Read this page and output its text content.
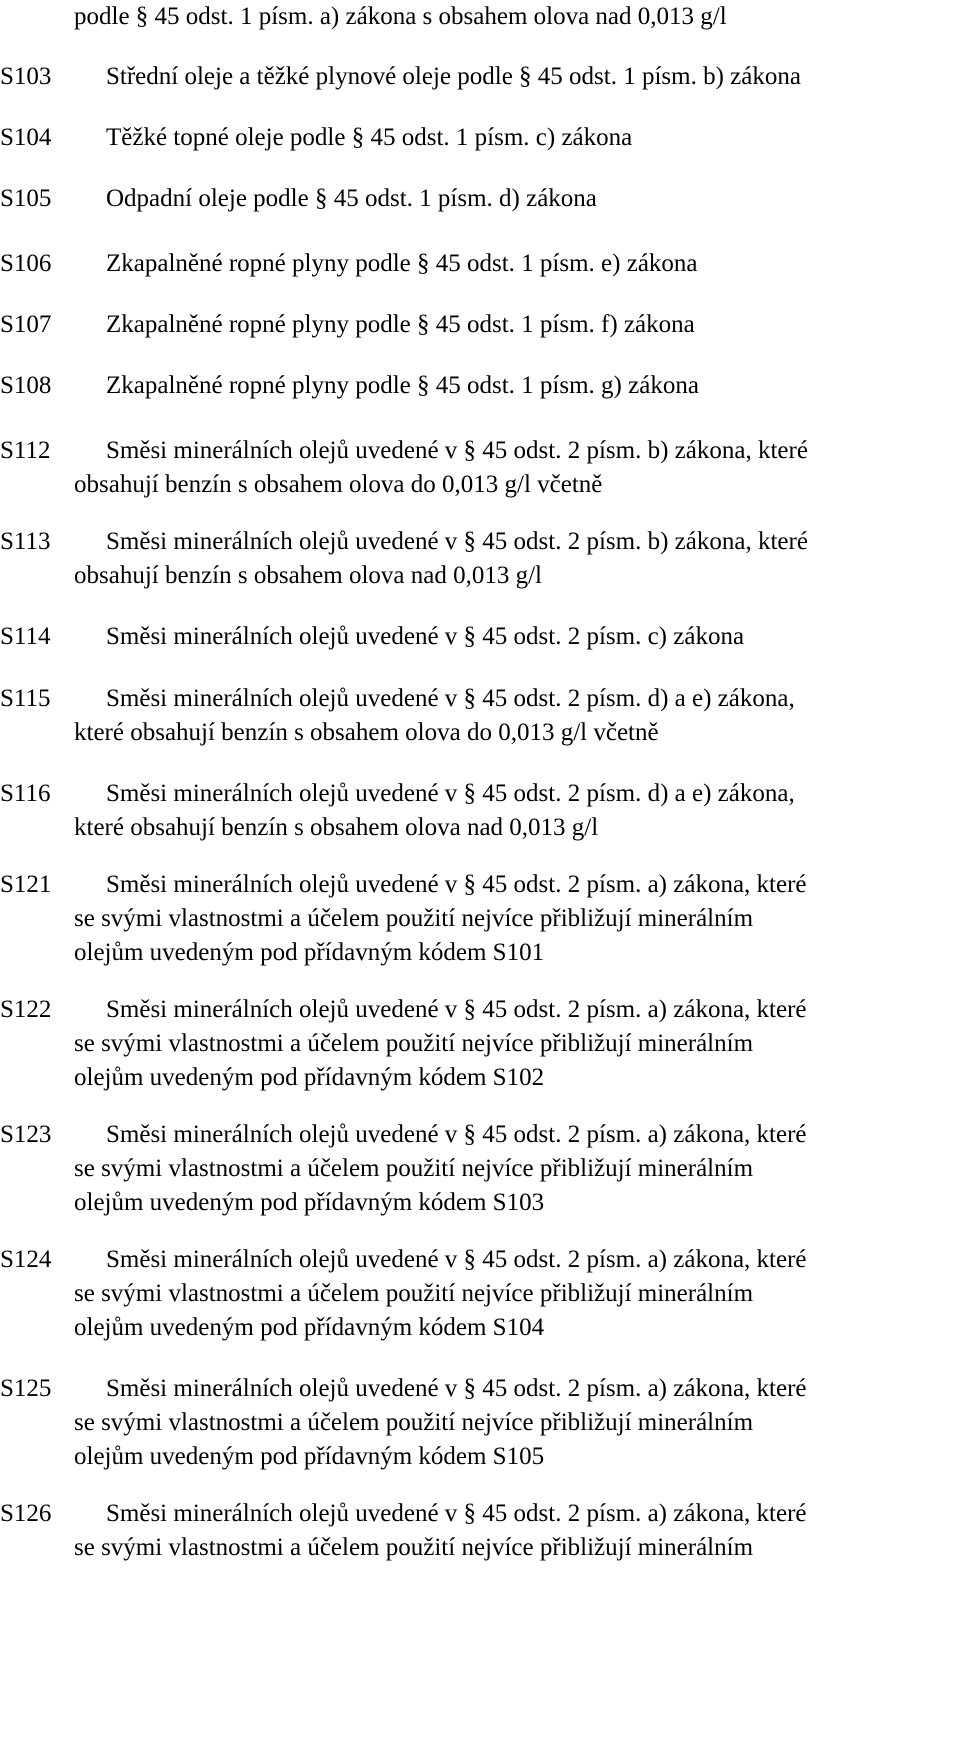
podle § 45 odst. 1 písm. a) zákona s obsahem olova nad 0,013 g/l
S103	Střední oleje a těžké plynové oleje podle § 45 odst. 1 písm. b) zákona
S104	Těžké topné oleje podle § 45 odst. 1 písm. c) zákona
S105	Odpadní oleje podle § 45 odst. 1 písm. d) zákona
S106	Zkapalněné ropné plyny podle § 45 odst. 1 písm. e) zákona
S107	Zkapalněné ropné plyny podle § 45 odst. 1 písm. f) zákona
S108	Zkapalněné ropné plyny podle § 45 odst. 1 písm. g) zákona
S112	Směsi minerálních olejů uvedené v § 45 odst. 2 písm. b) zákona, které
obsahují benzín s obsahem olova do 0,013 g/l včetně
S113	Směsi minerálních olejů uvedené v § 45 odst. 2 písm. b) zákona, které
obsahují benzín s obsahem olova nad 0,013 g/l
S114	Směsi minerálních olejů uvedené v § 45 odst. 2 písm. c) zákona
S115	Směsi minerálních olejů uvedené v § 45 odst. 2 písm. d) a e) zákona,
které obsahují benzín s obsahem olova do 0,013 g/l včetně
S116	Směsi minerálních olejů uvedené v § 45 odst. 2 písm. d) a e) zákona,
které obsahují benzín s obsahem olova nad 0,013 g/l
S121	Směsi minerálních olejů uvedené v § 45 odst. 2 písm. a) zákona, které
se svými vlastnostmi a účelem použití nejvíce přibližují minerálním
olejům uvedeným pod přídavným kódem S101
S122	Směsi minerálních olejů uvedené v § 45 odst. 2 písm. a) zákona, které
se svými vlastnostmi a účelem použití nejvíce přibližují minerálním
olejům uvedeným pod přídavným kódem S102
S123	Směsi minerálních olejů uvedené v § 45 odst. 2 písm. a) zákona, které
se svými vlastnostmi a účelem použití nejvíce přibližují minerálním
olejům uvedeným pod přídavným kódem S103
S124	Směsi minerálních olejů uvedené v § 45 odst. 2 písm. a) zákona, které
se svými vlastnostmi a účelem použití nejvíce přibližují minerálním
olejům uvedeným pod přídavným kódem S104
S125	Směsi minerálních olejů uvedené v § 45 odst. 2 písm. a) zákona, které
se svými vlastnostmi a účelem použití nejvíce přibližují minerálním
olejům uvedeným pod přídavným kódem S105
S126	Směsi minerálních olejů uvedené v § 45 odst. 2 písm. a) zákona, které
se svými vlastnostmi a účelem použití nejvíce přibližují minerálním
